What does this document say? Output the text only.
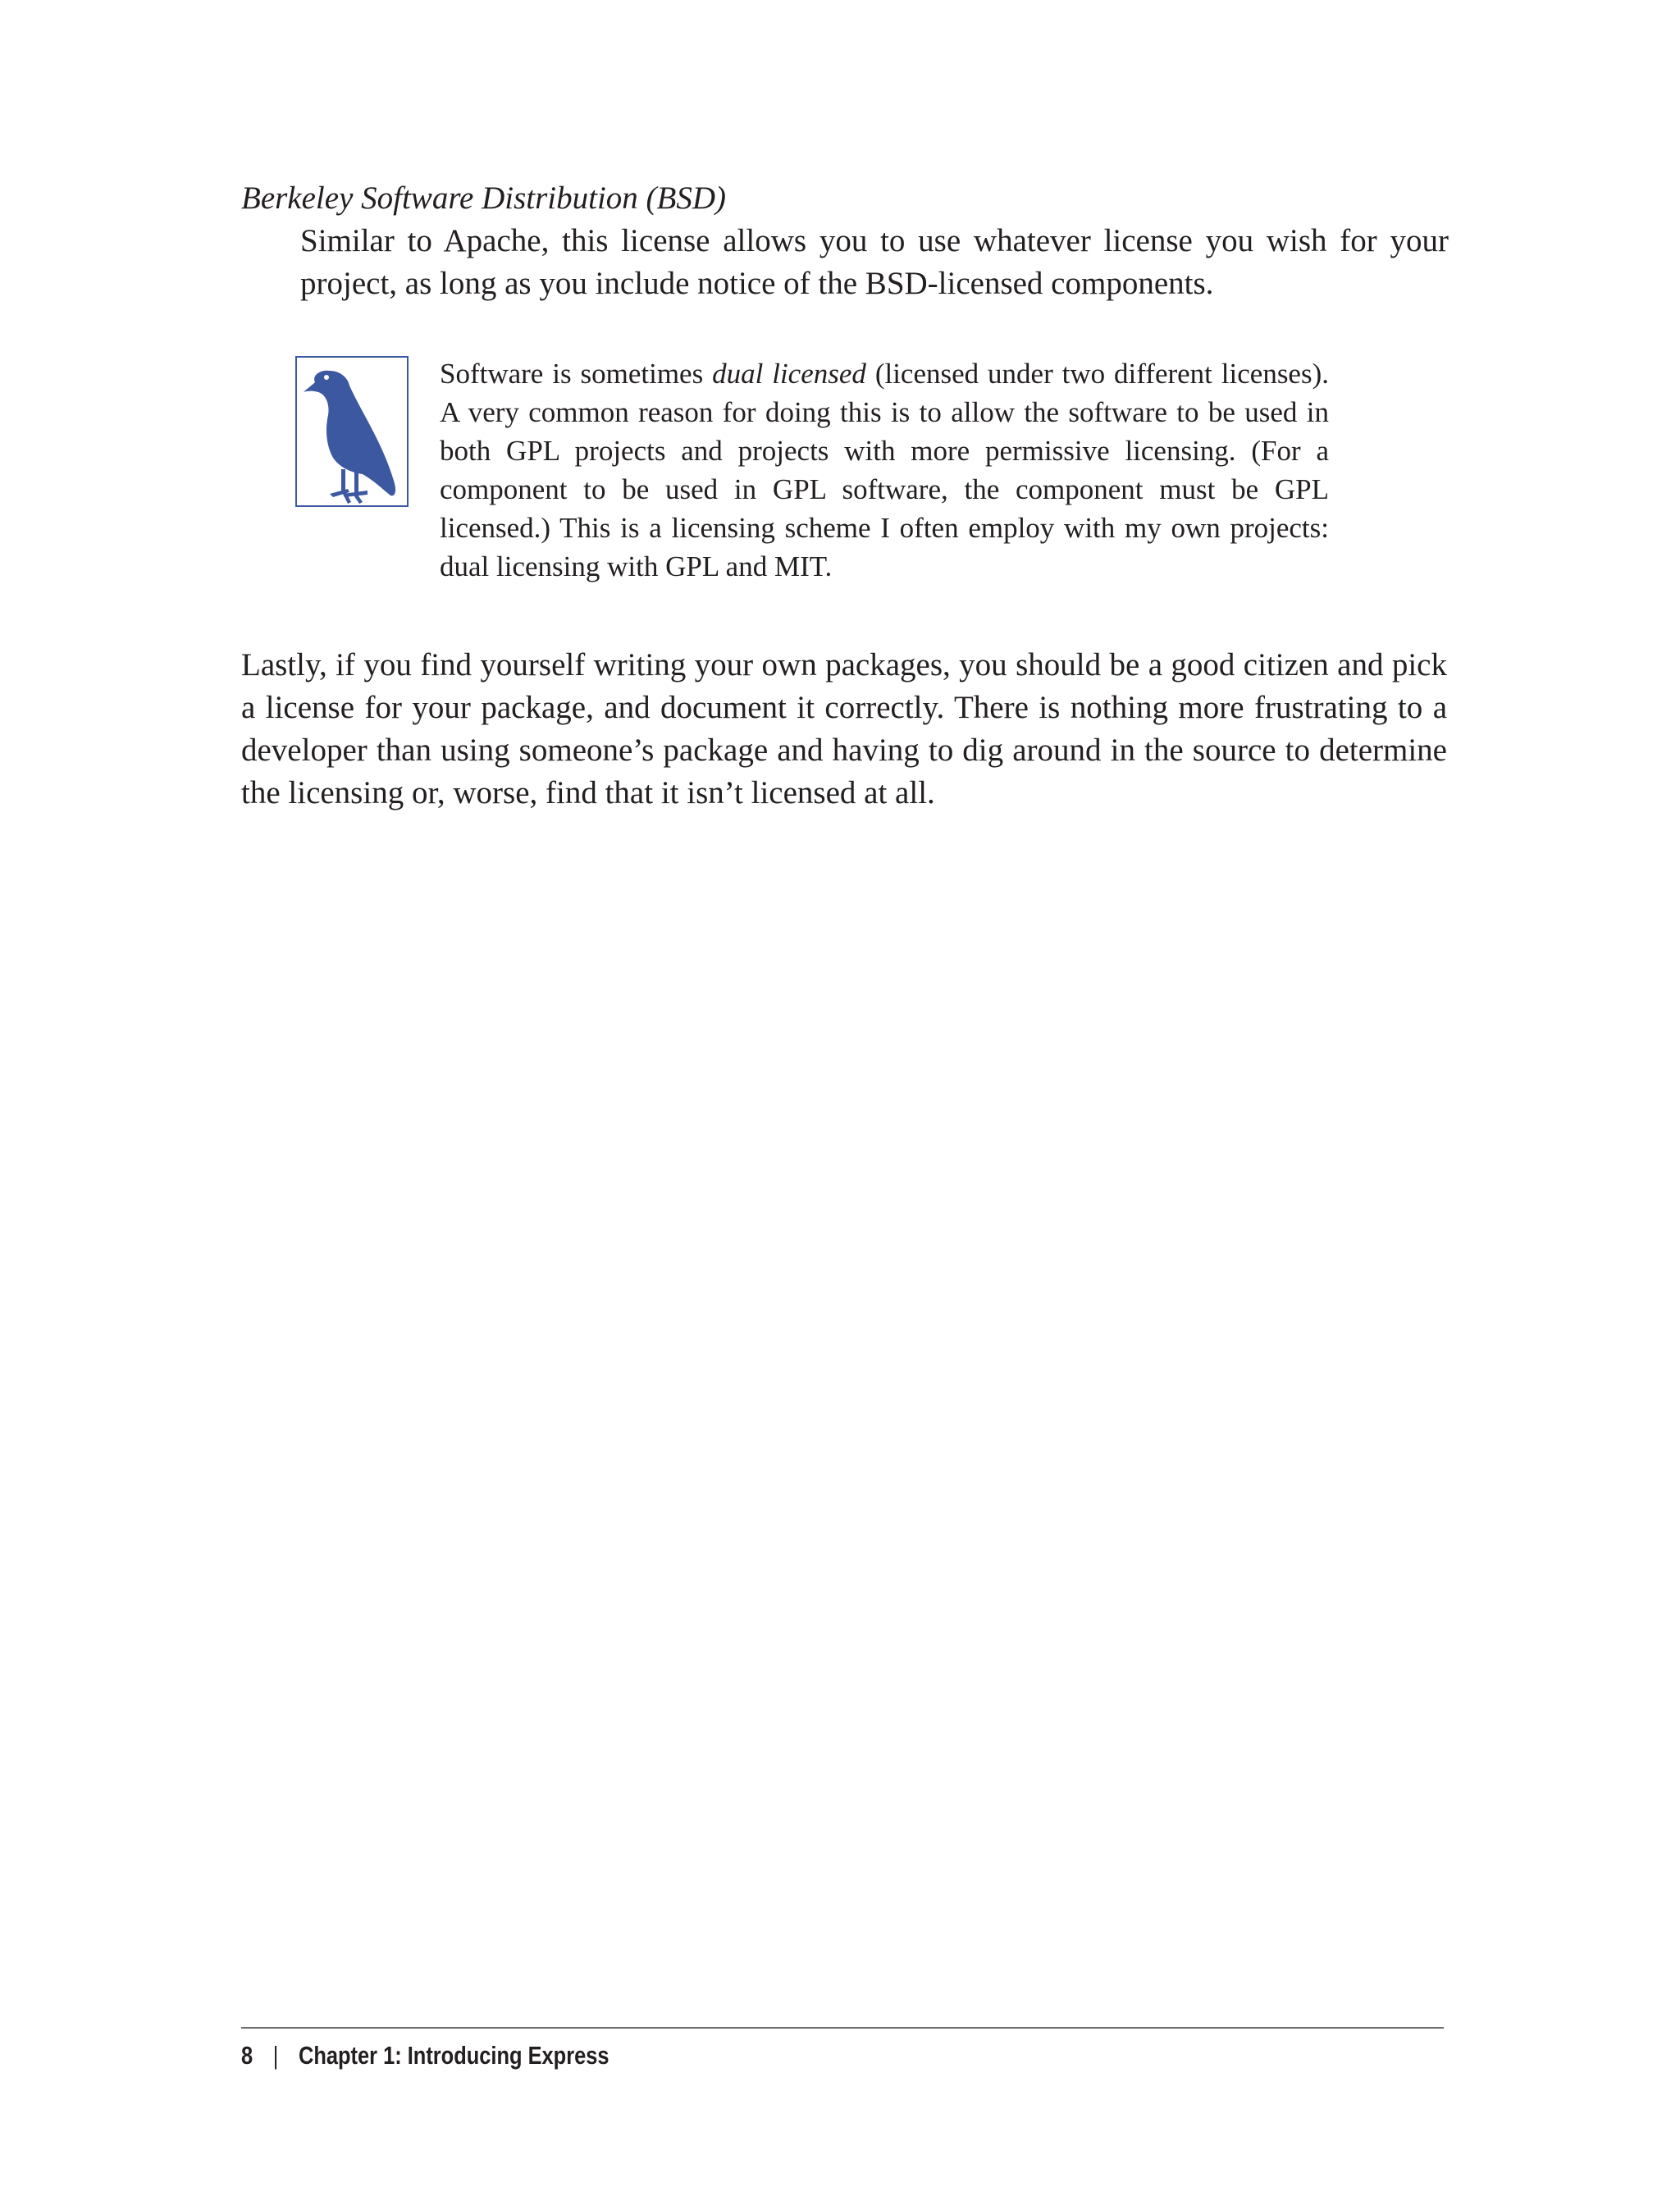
Berkeley Software Distribution (BSD)
Similar to Apache, this license allows you to use whatever license you wish for your project, as long as you include notice of the BSD-licensed components.
Software is sometimes dual licensed (licensed under two different licenses). A very common reason for doing this is to allow the software to be used in both GPL projects and projects with more permissive licensing. (For a component to be used in GPL software, the component must be GPL licensed.) This is a licensing scheme I often employ with my own projects: dual licensing with GPL and MIT.
Lastly, if you find yourself writing your own packages, you should be a good citizen and pick a license for your package, and document it correctly. There is nothing more frustrating to a developer than using someone’s package and having to dig around in the source to determine the licensing or, worse, find that it isn’t licensed at all.
8 | Chapter 1: Introducing Express
